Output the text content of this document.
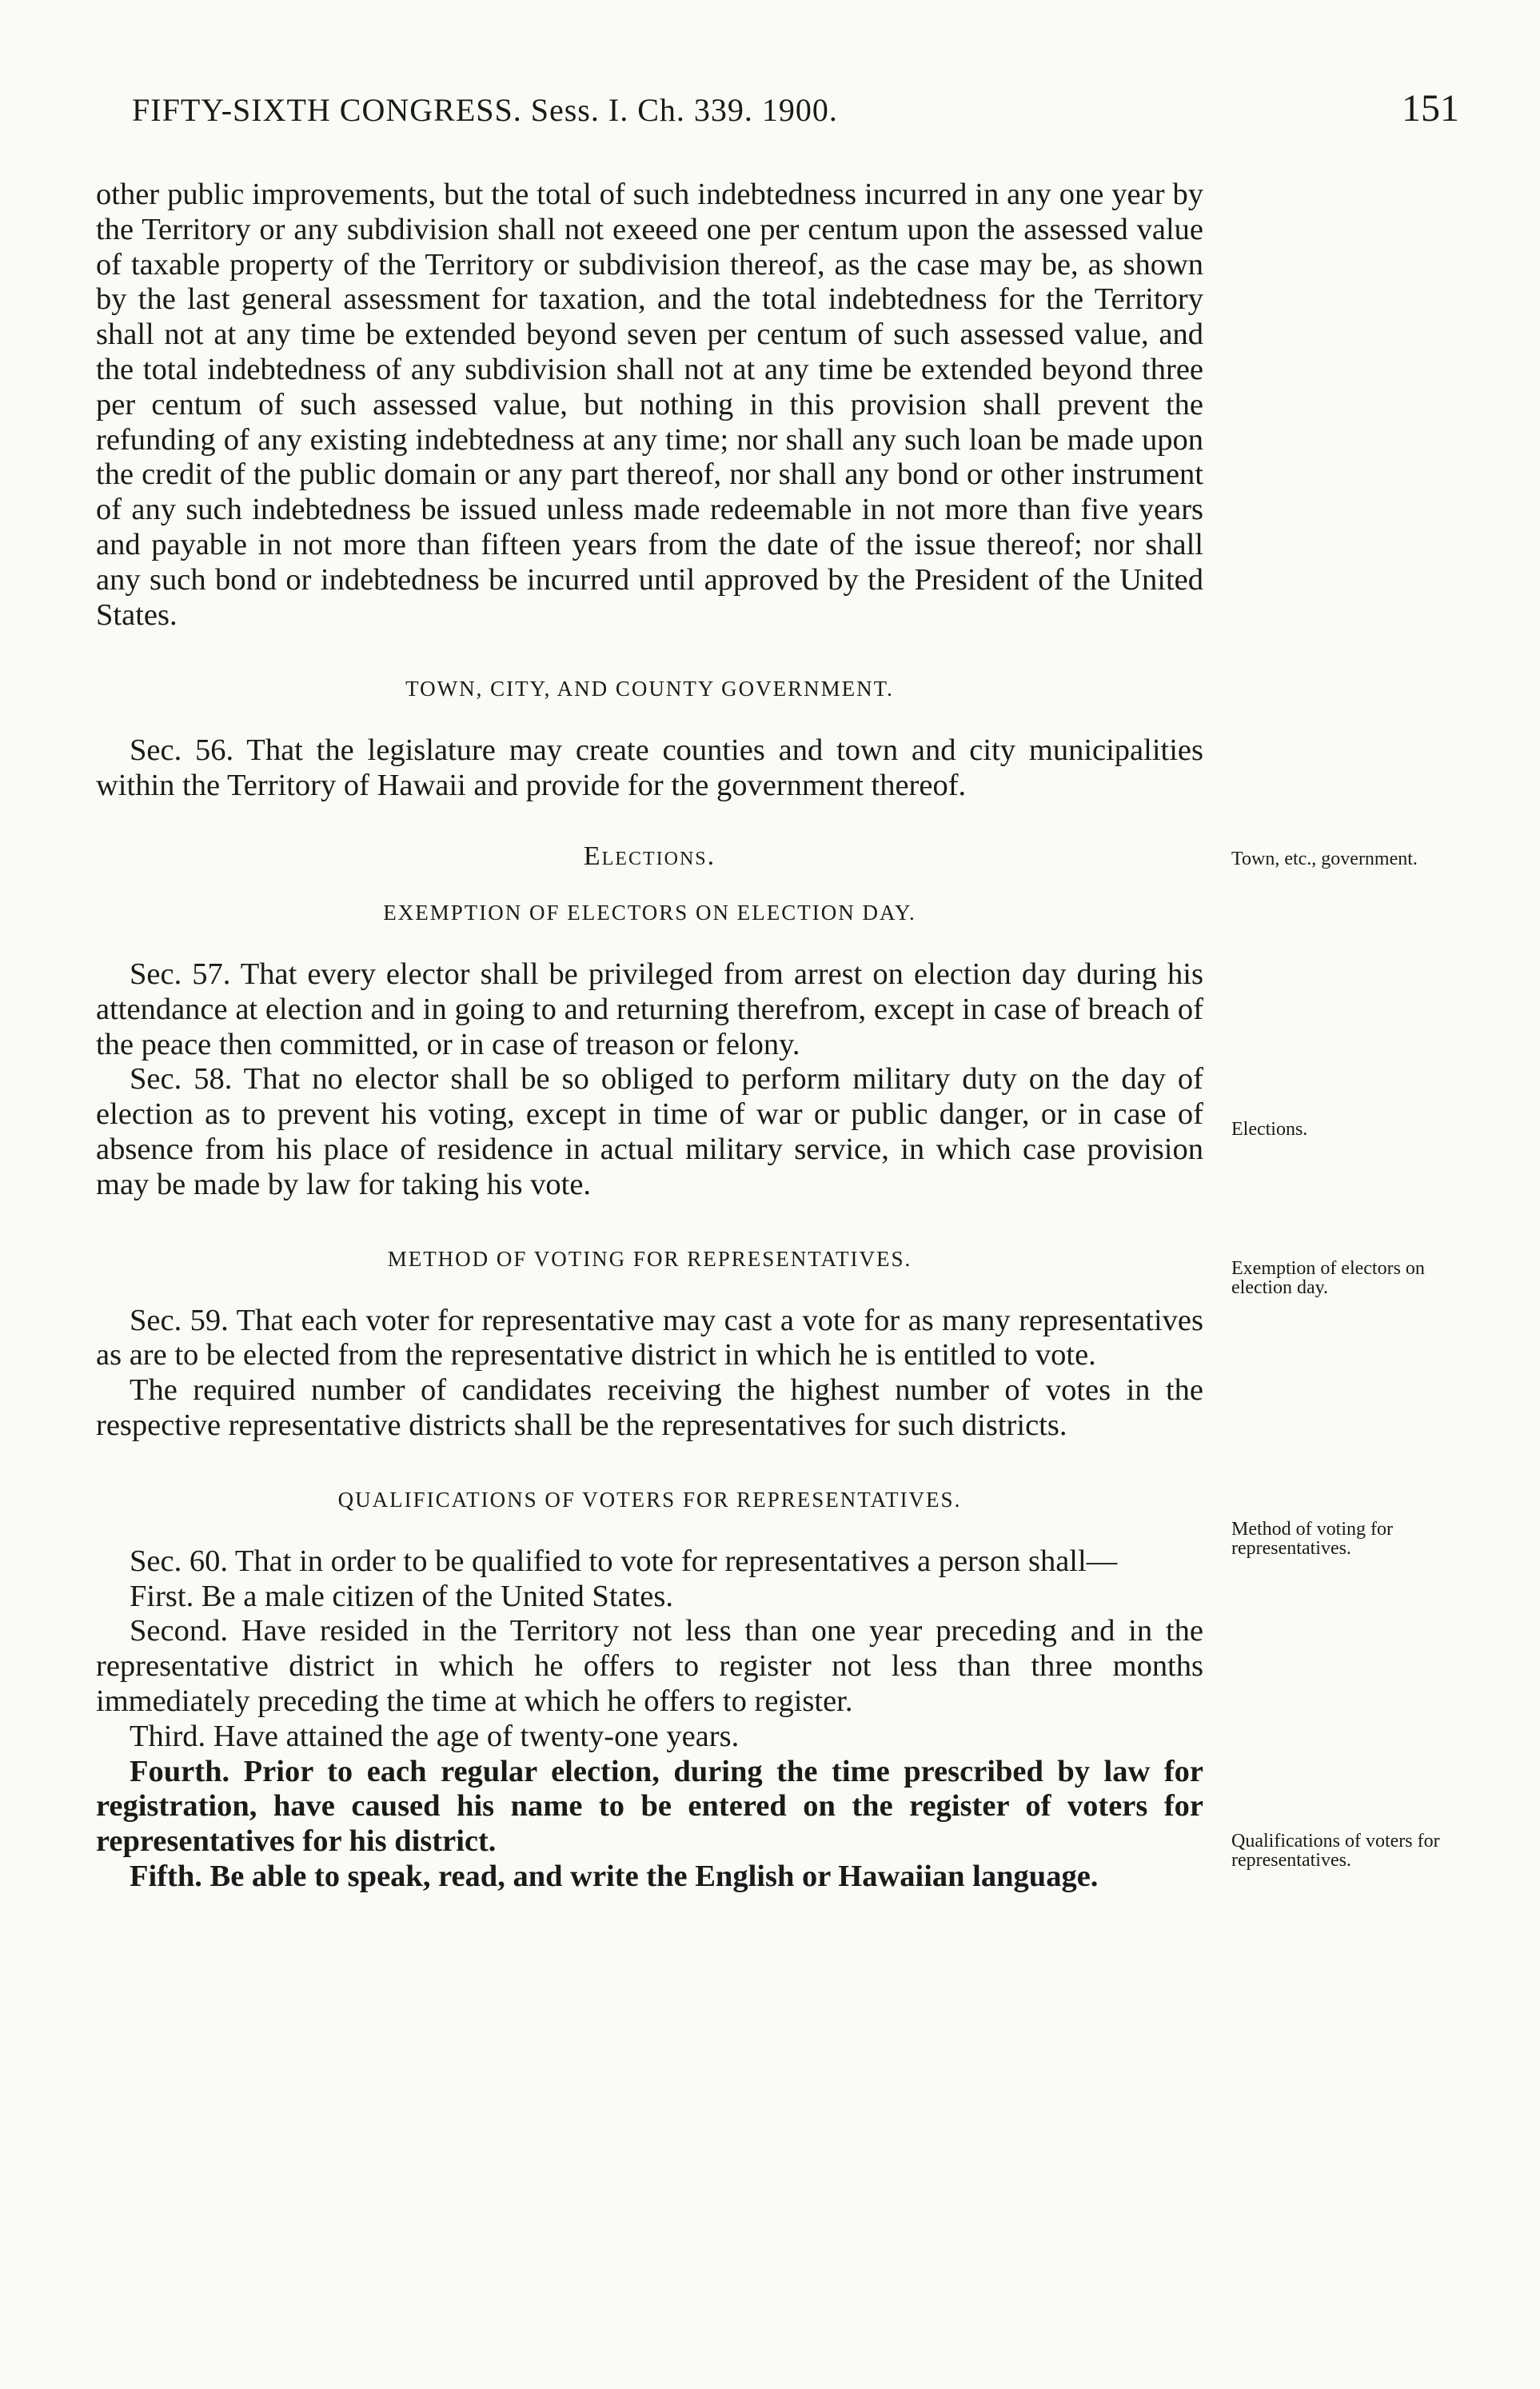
FIFTY-SIXTH CONGRESS. Sess. I. Ch. 339. 1900.	151

other public improvements, but the total of such indebtedness incurred in any one year by the Territory or any subdivision shall not exeeed one per centum upon the assessed value of taxable property of the Territory or subdivision thereof, as the case may be, as shown by the last general assessment for taxation, and the total indebtedness for the Territory shall not at any time be extended beyond seven per centum of such assessed value, and the total indebtedness of any subdivision shall not at any time be extended beyond three per centum of such assessed value, but nothing in this provision shall prevent the refunding of any existing indebtedness at any time; nor shall any such loan be made upon the credit of the public domain or any part thereof, nor shall any bond or other instrument of any such indebtedness be issued unless made redeemable in not more than five years and payable in not more than fifteen years from the date of the issue thereof; nor shall any such bond or indebtedness be incurred until approved by the President of the United States.

TOWN, CITY, AND COUNTY GOVERNMENT.

Sec. 56. That the legislature may create counties and town and city municipalities within the Territory of Hawaii and provide for the government thereof.

Elections.
EXEMPTION OF ELECTORS ON ELECTION DAY.

Sec. 57. That every elector shall be privileged from arrest on election day during his attendance at election and in going to and returning therefrom, except in case of breach of the peace then committed, or in case of treason or felony.

Sec. 58. That no elector shall be so obliged to perform military duty on the day of election as to prevent his voting, except in time of war or public danger, or in case of absence from his place of residence in actual military service, in which case provision may be made by law for taking his vote.

METHOD OF VOTING FOR REPRESENTATIVES.

Sec. 59. That each voter for representative may cast a vote for as many representatives as are to be elected from the representative district in which he is entitled to vote.

The required number of candidates receiving the highest number of votes in the respective representative districts shall be the representatives for such districts.

QUALIFICATIONS OF VOTERS FOR REPRESENTATIVES.

Sec. 60. That in order to be qualified to vote for representatives a person shall—

First. Be a male citizen of the United States.

Second. Have resided in the Territory not less than one year preceding and in the representative district in which he offers to register not less than three months immediately preceding the time at which he offers to register.

Third. Have attained the age of twenty-one years.

Fourth. Prior to each regular election, during the time prescribed by law for registration, have caused his name to be entered on the register of voters for representatives for his district.

Fifth. Be able to speak, read, and write the English or Hawaiian language.

Town, etc., government.
Elections.
Exemption of electors on election day.
Method of voting for representatives.
Qualifications of voters for representatives.
